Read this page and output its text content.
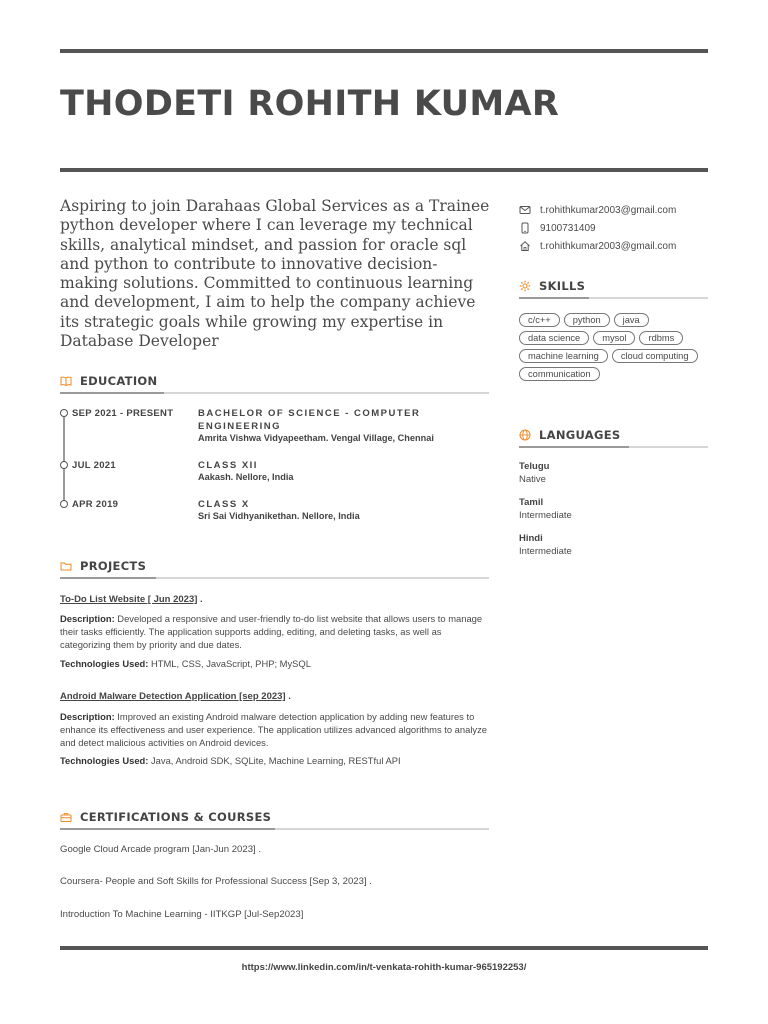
THODETI ROHITH KUMAR
Aspiring to join Darahaas Global Services as a Trainee python developer where I can leverage my technical skills, analytical mindset, and passion for oracle sql and python to contribute to innovative decision-making solutions. Committed to continuous learning and development, I aim to help the company achieve its strategic goals while growing my expertise in Database Developer
t.rohithkumar2003@gmail.com
9100731409
t.rohithkumar2003@gmail.com
EDUCATION
SEP 2021 - PRESENT	BACHELOR OF SCIENCE - COMPUTER ENGINEERING
Amrita Vishwa Vidyapeetham. Vengal Village, Chennai
JUL 2021	CLASS XII
Aakash. Nellore, India
APR 2019	CLASS X
Sri Sai Vidhyanikethan. Nellore, India
PROJECTS
To-Do List Website [ Jun 2023] .
Description: Developed a responsive and user-friendly to-do list website that allows users to manage their tasks efficiently. The application supports adding, editing, and deleting tasks, as well as categorizing them by priority and due dates.
Technologies Used: HTML, CSS, JavaScript, PHP; MySQL
Android Malware Detection Application [sep 2023] .
Description: Improved an existing Android malware detection application by adding new features to enhance its effectiveness and user experience. The application utilizes advanced algorithms to analyze and detect malicious activities on Android devices.
Technologies Used: Java, Android SDK, SQLite, Machine Learning, RESTful API
CERTIFICATIONS & COURSES
Google Cloud Arcade program [Jan-Jun 2023] .
Coursera- People and Soft Skills for Professional Success [Sep 3, 2023] .
Introduction To Machine Learning - IITKGP [Jul-Sep2023]
SKILLS
c/c++	python	java
data science	mysol	rdbms
machine learning	cloud computing
communication
LANGUAGES
Telugu
Native
Tamil
Intermediate
Hindi
Intermediate
https://www.linkedin.com/in/t-venkata-rohith-kumar-965192253/
